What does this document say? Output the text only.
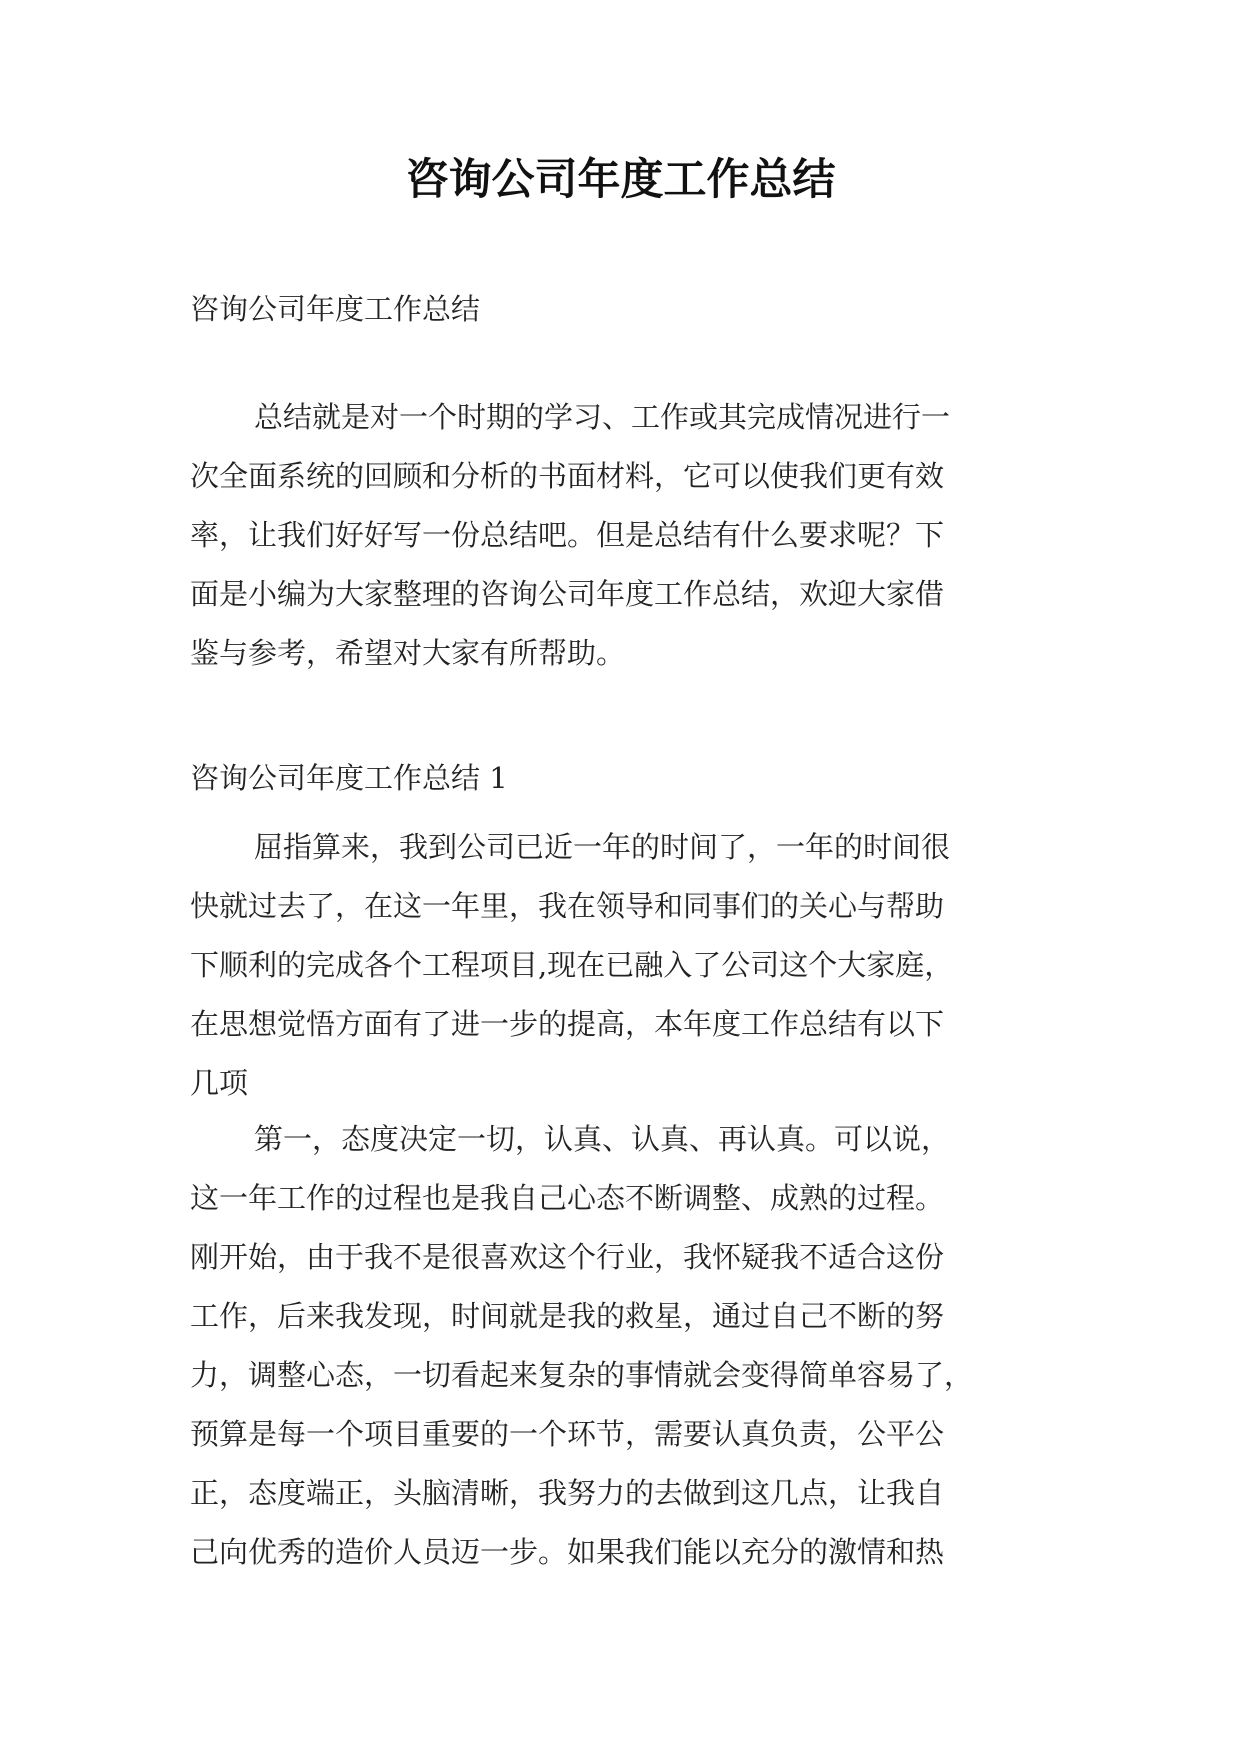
咨询公司年度工作总结

咨询公司年度工作总结

总结就是对一个时期的学习、工作或其完成情况进行一
次全面系统的回顾和分析的书面材料，它可以使我们更有效
率，让我们好好写一份总结吧。但是总结有什么要求呢？下
面是小编为大家整理的咨询公司年度工作总结，欢迎大家借
鉴与参考，希望对大家有所帮助。

咨询公司年度工作总结 1

屈指算来，我到公司已近一年的时间了，一年的时间很
快就过去了，在这一年里，我在领导和同事们的关心与帮助
下顺利的完成各个工程项目,现在已融入了公司这个大家庭，
在思想觉悟方面有了进一步的提高，本年度工作总结有以下
几项
第一，态度决定一切，认真、认真、再认真。可以说，
这一年工作的过程也是我自己心态不断调整、成熟的过程。
刚开始，由于我不是很喜欢这个行业，我怀疑我不适合这份
工作，后来我发现，时间就是我的救星，通过自己不断的努
力，调整心态，一切看起来复杂的事情就会变得简单容易了，
预算是每一个项目重要的一个环节，需要认真负责，公平公
正，态度端正，头脑清晰，我努力的去做到这几点，让我自
己向优秀的造价人员迈一步。如果我们能以充分的激情和热
